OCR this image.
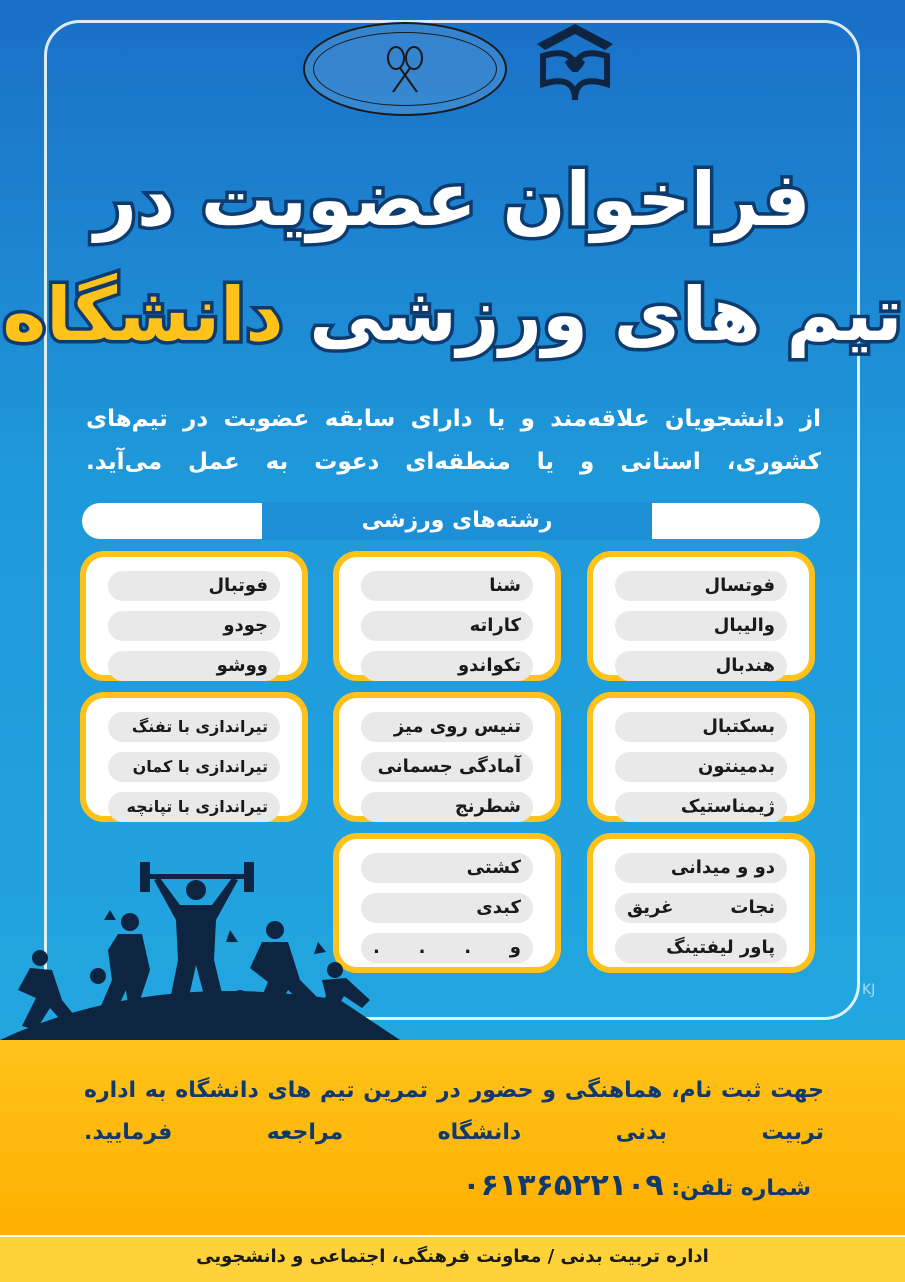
فراخوان عضویت در
تیم های ورزشی دانشگاه
از دانشجویان علاقه‌مند و یا دارای سابقه عضویت در تیم‌های کشوری، استانی و یا منطقه‌ای دعوت به عمل می‌آید.
رشته‌های ورزشی
فوتسال
والیبال
هندبال
شنا
کاراته
تکواندو
فوتبال
جودو
ووشو
بسکتبال
بدمینتون
ژیمناستیک
تنیس روی میز
آمادگی جسمانی
شطرنج
تیراندازی با تفنگ
تیراندازی با کمان
تیراندازی با تپانچه
دو و میدانی
نجات غریق
پاور لیفتینگ
کشتی
کبدی
و . . .
KJ
جهت ثبت نام، هماهنگی و حضور در تمرین تیم های دانشگاه به اداره تربیت بدنی دانشگاه مراجعه فرمایید.
شماره تلفن: ۰۶۱۳۶۵۲۲۱۰۹
اداره تربیت بدنی / معاونت فرهنگی، اجتماعی و دانشجویی
